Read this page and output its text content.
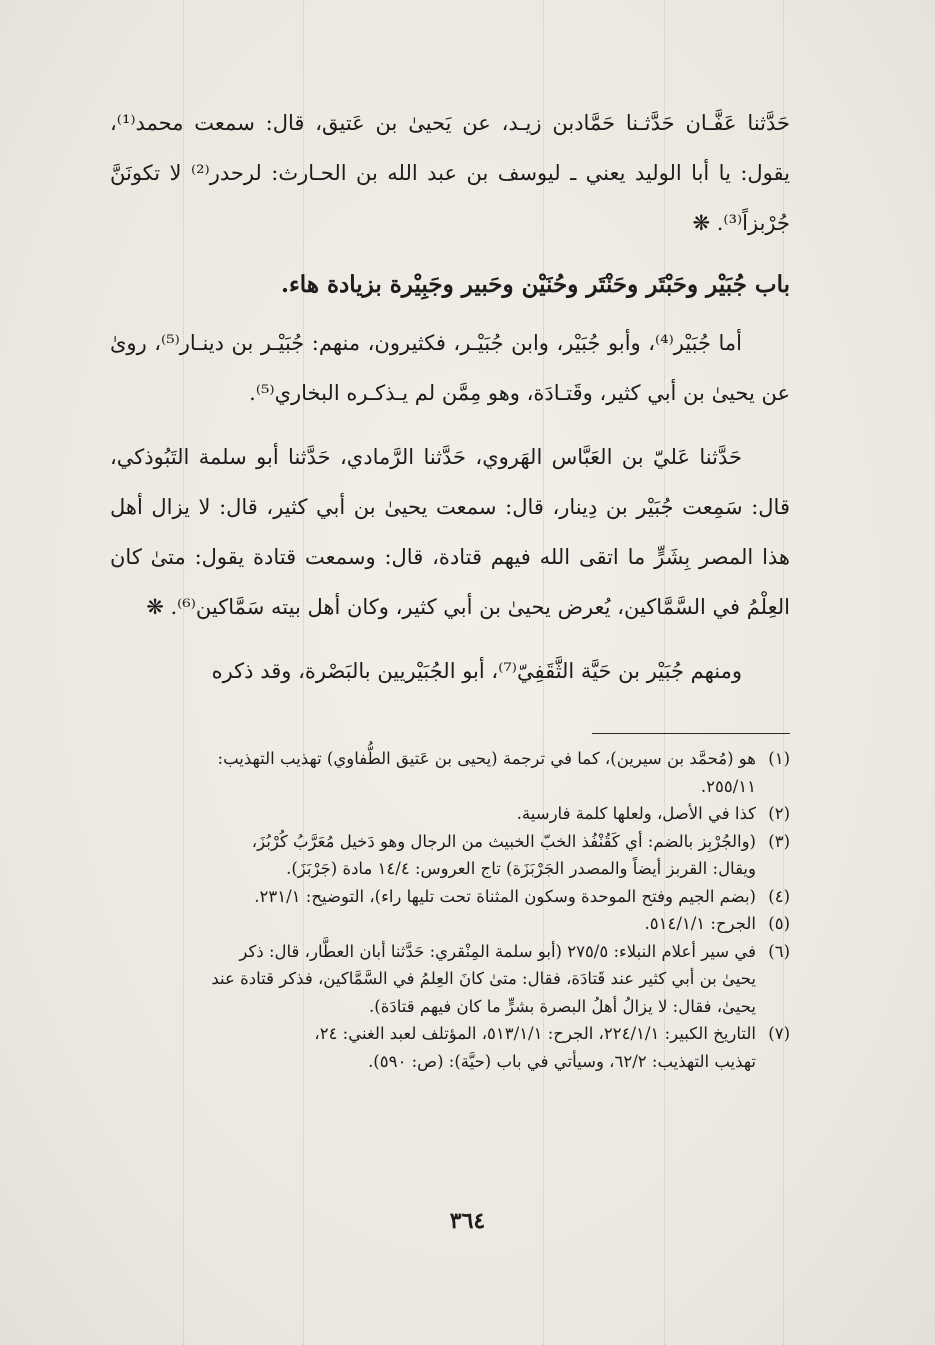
حَدَّثنا عَفَّـان حَدَّثـنا حَمَّادبن زيـد، عن يَحيىٰ بن عَتيق، قال: سمعت محمد⁽¹⁾، يقول: يا أبا الوليد يعني ـ ليوسف بن عبد الله بن الحـارث: لرحدر⁽²⁾ لا تكونَنَّ جُرْبزاً⁽³⁾. ❋

باب جُبَيْر وحَبْتَر وحَنْتَر وحُنَيْن وحَبير وجَبِيْرة بزيادة هاء.

أما جُبَيْر⁽⁴⁾، وأبو جُبَيْر، وابن جُبَيْـر، فكثيرون، منهم: جُبَيْـر بن دينـار⁽⁵⁾، روىٰ عن يحيىٰ بن أبي كثير، وقَتـادَة، وهو مِمَّن لم يـذكـره البخاري⁽⁵⁾.

حَدَّثنا عَليّ بن العَبَّاس الهَروي، حَدَّثنا الرَّمادي، حَدَّثنا أبو سلمة التَبُوذكي، قال: سَمِعت جُبَيْر بن دِينار، قال: سمعت يحيىٰ بن أبي كثير، قال: لا يزال أهل هذا المصر بِشَرٍّ ما اتقى الله فيهم قتادة، قال: وسمعت قتادة يقول: متىٰ كان العِلْمُ في السَّمَّاكين، يُعرض يحيىٰ بن أبي كثير، وكان أهل بيته سَمَّاكين⁽⁶⁾. ❋

ومنهم جُبَيْر بن حَيَّة الثَّقَفِيّ⁽⁷⁾، أبو الجُبَيْريين بالبَصْرة، وقد ذكره

(١)هو (مُحمَّد بن سيرين)، كما في ترجمة (يحيى بن عَتيق الطُّفاوي) تهذيب التهذيب:
٢٥٥/١١.
(٢)كذا في الأصل، ولعلها كلمة فارسية.
(٣)(والجُرْبِز بالضم: أي كَقُنْفُذ الخبّ الخبيث من الرجال وهو دَخيل مُعَرَّبُ كُرْبُزَ،
ويقال: القربز أيضاً والمصدر الجَرْبَزَة) تاج العروس: ١٤/٤ مادة (جَرْبَزَ).
(٤)(بضم الجيم وفتح الموحدة وسكون المثناة تحت تليها راء)، التوضيح: ٢٣١/١.
(٥)الجرح: ٥١٤/١/١.
(٦)في سير أعلام النبلاء: ٢٧٥/٥ (أبو سلمة المِنْقري: حَدَّثنا أبان العطَّار، قال: ذكر
يحيىٰ بن أبي كثير عند قَتادَة، فقال: متىٰ كانَ العِلمُ في السَّمَّاكين، فذكر قتادة عند
يحيىٰ، فقال: لا يزالُ أهلُ البصرة بشرٍّ ما كان فيهم قتادَة).
(٧)التاريخ الكبير: ٢٢٤/١/١، الجرح: ٥١٣/١/١، المؤتلف لعبد الغني: ٢٤،
تهذيب التهذيب: ٦٢/٢، وسيأتي في باب (حيَّة): (ص: ٥٩٠).
٣٦٤
